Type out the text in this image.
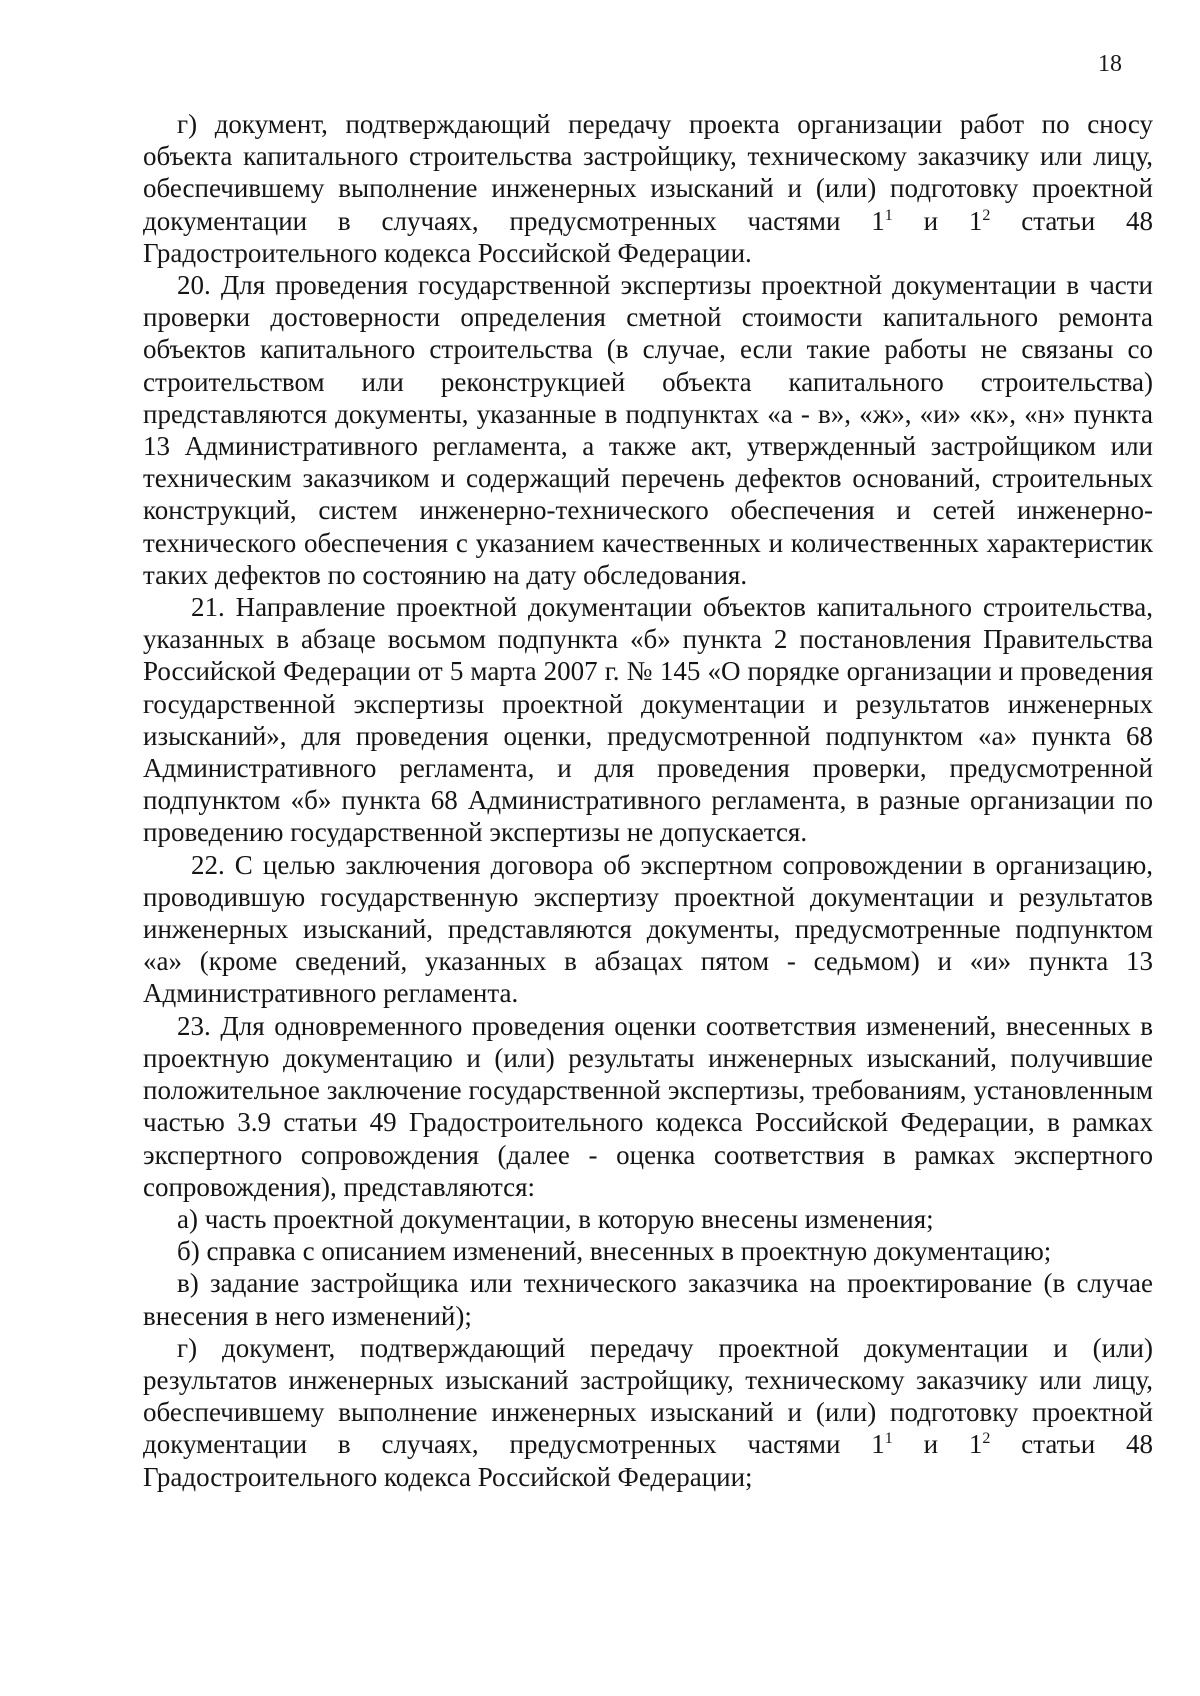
18

г) документ, подтверждающий передачу проекта организации работ по сносу объекта капитального строительства застройщику, техническому заказчику или лицу, обеспечившему выполнение инженерных изысканий и (или) подготовку проектной документации в случаях, предусмотренных частями $1^1$ и $1^2$ статьи 48 Градостроительного кодекса Российской Федерации.

20. Для проведения государственной экспертизы проектной документации в части проверки достоверности определения сметной стоимости капитального ремонта объектов капитального строительства (в случае, если такие работы не связаны со строительством или реконструкцией объекта капитального строительства) представляются документы, указанные в подпунктах «а - в», «ж», «и» «к», «н» пункта 13 Административного регламента, а также акт, утвержденный застройщиком или техническим заказчиком и содержащий перечень дефектов оснований, строительных конструкций, систем инженерно-технического обеспечения и сетей инженерно-технического обеспечения с указанием качественных и количественных характеристик таких дефектов по состоянию на дату обследования.

21. Направление проектной документации объектов капитального строительства, указанных в абзаце восьмом подпункта «б» пункта 2 постановления Правительства Российской Федерации от 5 марта 2007 г. № 145 «О порядке организации и проведения государственной экспертизы проектной документации и результатов инженерных изысканий», для проведения оценки, предусмотренной подпунктом «а» пункта 68 Административного регламента, и для проведения проверки, предусмотренной подпунктом «б» пункта 68 Административного регламента, в разные организации по проведению государственной экспертизы не допускается.

22. С целью заключения договора об экспертном сопровождении в организацию, проводившую государственную экспертизу проектной документации и результатов инженерных изысканий, представляются документы, предусмотренные подпунктом «а» (кроме сведений, указанных в абзацах пятом - седьмом) и «и» пункта 13 Административного регламента.

23. Для одновременного проведения оценки соответствия изменений, внесенных в проектную документацию и (или) результаты инженерных изысканий, получившие положительное заключение государственной экспертизы, требованиям, установленным частью 3.9 статьи 49 Градостроительного кодекса Российской Федерации, в рамках экспертного сопровождения (далее - оценка соответствия в рамках экспертного сопровождения), представляются:

а) часть проектной документации, в которую внесены изменения;

б) справка с описанием изменений, внесенных в проектную документацию;

в) задание застройщика или технического заказчика на проектирование (в случае внесения в него изменений);

г) документ, подтверждающий передачу проектной документации и (или) результатов инженерных изысканий застройщику, техническому заказчику или лицу, обеспечившему выполнение инженерных изысканий и (или) подготовку проектной документации в случаях, предусмотренных частями $1^1$ и $1^2$ статьи 48 Градостроительного кодекса Российской Федерации;
